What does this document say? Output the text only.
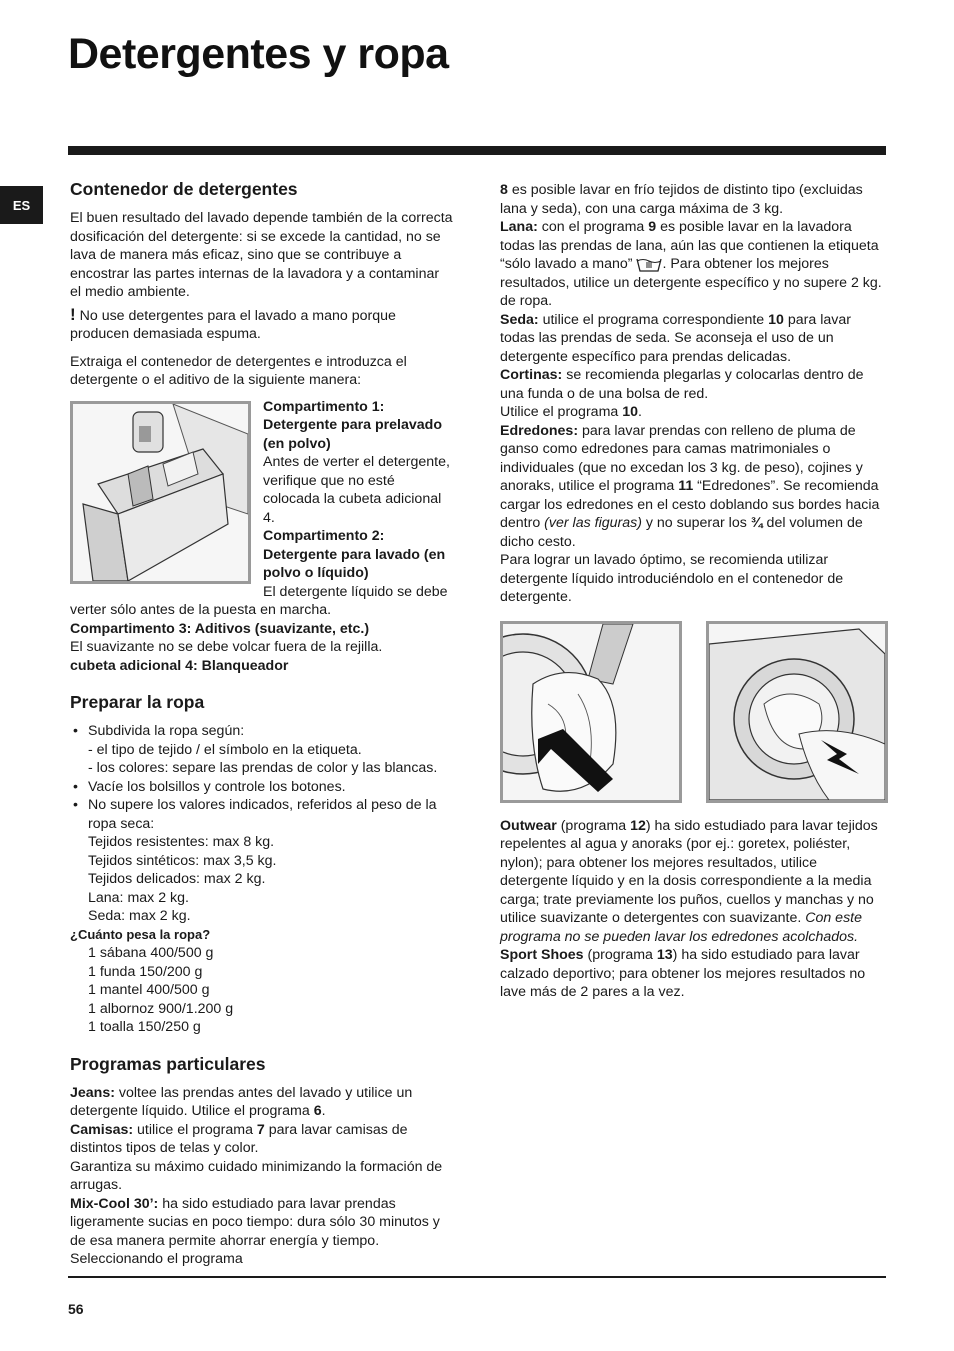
Detergentes y ropa
ES
Contenedor de detergentes

El buen resultado del lavado depende también de la correcta dosificación del detergente: si se excede la cantidad, no se lava de manera más eficaz, sino que se contribuye a encostrar las partes internas de la lavadora y a contaminar el medio ambiente.

! No use detergentes para el lavado a mano porque producen demasiada espuma.

Extraiga el contenedor de detergentes e introduzca el detergente o el aditivo de la siguiente manera:

Compartimento 1: Detergente para prelavado (en polvo)

Antes de verter el detergente, verifique que no esté colocada la cubeta adicional 4.

Compartimento 2: Detergente para lavado (en polvo o líquido)

El detergente líquido se debe verter sólo antes de la puesta en marcha.

Compartimento 3: Aditivos (suavizante, etc.)

El suavizante no se debe volcar fuera de la rejilla.

cubeta adicional 4: Blanqueador

Preparar la ropa
• Subdivida la ropa según:
- el tipo de tejido / el símbolo en la etiqueta.
- los colores: separe las prendas de color y las blancas.
• Vacíe los bolsillos y controle los botones.
• No supere los valores indicados, referidos al peso de la ropa seca:
Tejidos resistentes: max 8 kg.
Tejidos sintéticos: max 3,5 kg.
Tejidos delicados: max 2 kg.
Lana: max 2 kg.
Seda: max 2 kg.

¿Cuánto pesa la ropa?

1 sábana 400/500 g

1 funda 150/200 g

1 mantel 400/500 g

1 albornoz 900/1.200 g

1 toalla 150/250 g

Programas particulares

Jeans: voltee las prendas antes del lavado y utilice un detergente líquido. Utilice el programa 6.

Camisas: utilice el programa 7 para lavar camisas de distintos tipos de telas y color.

Garantiza su máximo cuidado minimizando la formación de arrugas.

Mix-Cool 30’: ha sido estudiado para lavar prendas ligeramente sucias en poco tiempo: dura sólo 30 minutos y de esa manera permite ahorrar energía y tiempo. Seleccionando el programa

8 es posible lavar en frío tejidos de distinto tipo (excluidas lana y seda), con una carga máxima de 3 kg.

Lana: con el programa 9 es posible lavar en la lavadora todas las prendas de lana, aún las que contienen la etiqueta “sólo lavado a mano” . Para obtener los mejores resultados, utilice un detergente específico y no supere 2 kg. de ropa.

Seda: utilice el programa correspondiente 10 para lavar todas las prendas de seda. Se aconseja el uso de un detergente específico para prendas delicadas.

Cortinas: se recomienda plegarlas y colocarlas dentro de una funda o de una bolsa de red.

Utilice el programa 10.

Edredones: para lavar prendas con relleno de pluma de ganso como edredones para camas matrimoniales o individuales (que no excedan los 3 kg. de peso), cojines y anoraks, utilice el programa 11 “Edredones”. Se recomienda cargar los edredones en el cesto doblando sus bordes hacia dentro (ver las figuras) y no superar los ¾ del volumen de dicho cesto.

Para lograr un lavado óptimo, se recomienda utilizar detergente líquido introduciéndolo en el contenedor de detergente.

Outwear (programa 12) ha sido estudiado para lavar tejidos repelentes al agua y anoraks (por ej.: goretex, poliéster, nylon); para obtener los mejores resultados, utilice detergente líquido y en la dosis correspondiente a la media carga; trate previamente los puños, cuellos y manchas y no utilice suavizante o detergentes con suavizante. Con este programa no se pueden lavar los edredones acolchados.

Sport Shoes (programa 13) ha sido estudiado para lavar calzado deportivo; para obtener los mejores resultados no lave más de 2 pares a la vez.

56
